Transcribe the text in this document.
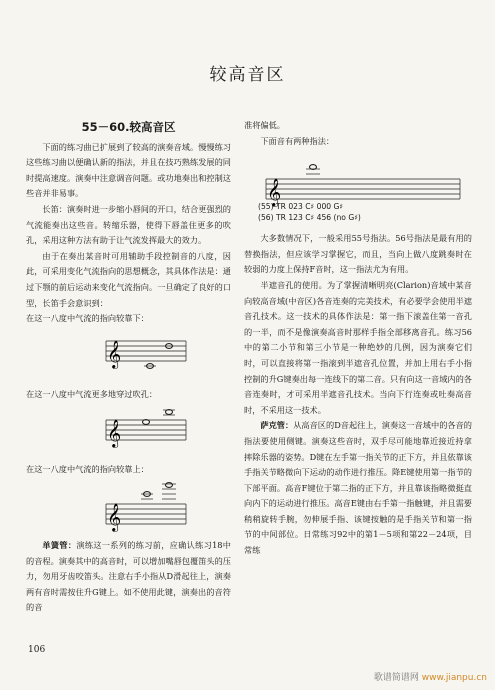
较高音区
55－60.较高音区

下面的练习曲已扩展到了较高的演奏音域。慢慢练习这些练习曲以便确认新的指法，并且在技巧熟练发展的同时提高速度。演奏中注意调音问题。或功地奏出和控制这些音并非易事。

长笛：演奏时进一步缩小唇间的开口，结合更强烈的气流能奏出这些音。转缩乐器，使得下唇盖住更多的吹孔，采用这种方法有助于让气流发挥最大的效力。

由于在奏出某音时可用辅助手段控制音的八度，因此，可采用变化气流指向的思想概念，其具体作法是：通过下颚的前后运动来变化气流指向。一旦确定了良好的口型，长笛手会意识到：

在这一八度中气流的指向较靠下：

𝄞

在这一八度中气流更多地穿过吹孔：

𝄞

在这一八度中气流的指向较靠上：

𝄞

单簧管：演练这一系列的练习前，应确认练习18中的音程。演奏其中的高音时，可以增加嘴唇包覆笛头的压力，勿用牙齿咬笛头。注意右手小指从D滑起往上，演奏两有音时需按住升G键上。如不使用此键，演奏出的音符的音

准将偏低。

下面音有两种指法：

𝄞
(55) TR 023 C♯ 000 G♯
(56) TR 123 C♯ 456 (no G♯)

大多数情况下，一般采用55号指法。56号指法是最有用的替换指法，但应该学习掌握它，而且，当向上做八度跳奏时在较弱的力度上保持F音时，这一指法尤为有用。

半遮音孔的使用。为了掌握清晰明亮(Clarion)音域中某音向较高音域(中音区)各音连奏的完美技术，有必要学会使用半遮音孔技术。这一技术的具体作法是：第一指下滚盖住第一音孔的一半，而不是像演奏高音时那样手指全部移离音孔。练习56中的第二小节和第三小节是一种绝妙的几例，因为演奏它们时，可以直接将第一指滚到半遮音孔位置，并加上用右手小指控制的升G键奏出每一连线下的第二音。只有向这一音域内的各音连奏时，才可采用半遮音孔技术。当向下行连奏或吐奏高音时，不采用这一技术。

萨克管：从高音区的D音起往上，演奏这一音域中的各音的指法要使用侧键。演奏这些音时，双手尽可能地靠近接近持拿摔除乐器的姿势。D键在左手第一指关节的正下方，并且依靠该手指关节略微向下运动的动作进行推压。降E键使用第一指节的下部平面。高音F键位于第二指的正下方，并且靠该指略微挺直向内下的运动进行推压。高音E键由右手第一指触键，并且需要稍稍旋转手腕，勿伸展手指、该键按触的是手指关节和第一指节的中间部位。日常练习92中的第1－5项和第22－24项，目常练

106
歌谱简谱网 www.jianpu.cn
